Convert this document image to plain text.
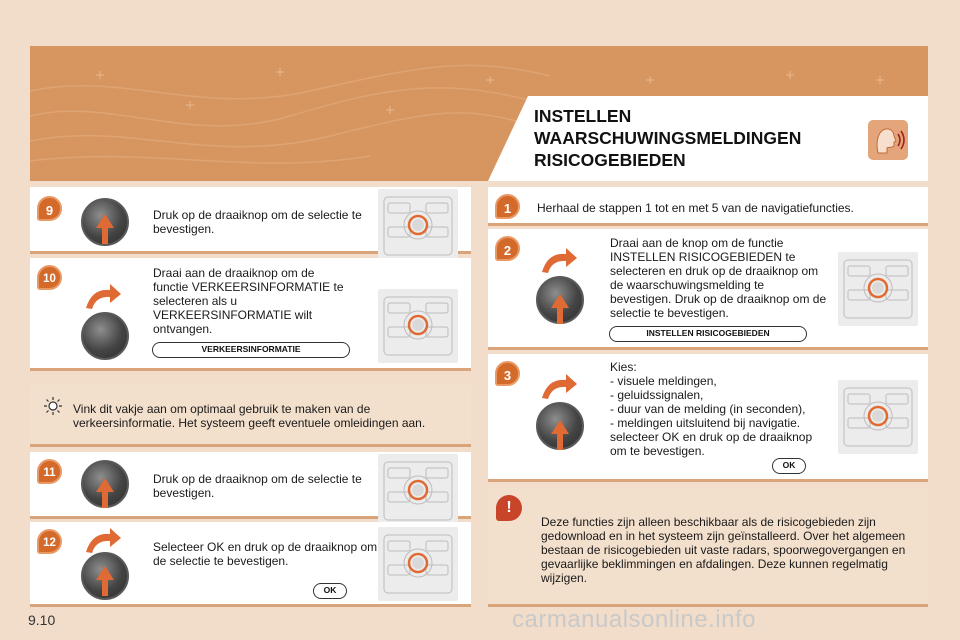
INSTELLEN
WAARSCHUWINGSMELDINGEN
RISICOGEBIEDEN
9	Druk op de draaiknop om de selectie te bevestigen.
10	Draai aan de draaiknop om de functie VERKEERSINFORMATIE te selecteren als u VERKEERSINFORMATIE wilt ontvangen.
VERKEERSINFORMATIE
Vink dit vakje aan om optimaal gebruik te maken van de verkeersinformatie. Het systeem geeft eventuele omleidingen aan.
11	Druk op de draaiknop om de selectie te bevestigen.
12	Selecteer OK en druk op de draaiknop om de selectie te bevestigen.
OK
1	Herhaal de stappen 1 tot en met 5 van de navigatiefuncties.
2	Draai aan de knop om de functie INSTELLEN RISICOGEBIEDEN te selecteren en druk op de draaiknop om de waarschuwingsmelding te bevestigen. Druk op de draaiknop om de selectie te bevestigen.
INSTELLEN RISICOGEBIEDEN
3
Kies:
- visuele meldingen,
- geluidssignalen,
- duur van de melding (in seconden),
- meldingen uitsluitend bij navigatie.
selecteer OK en druk op de draaiknop
om te bevestigen.
OK
!
Deze functies zijn alleen beschikbaar als de risicogebieden zijn gedownload en in het systeem zijn geïnstalleerd. Over het algemeen bestaan de risicogebieden uit vaste radars, spoorwegovergangen en gevaarlijke beklimmingen en afdalingen. Deze kunnen regelmatig wijzigen.
9.10	carmanualsonline.info
